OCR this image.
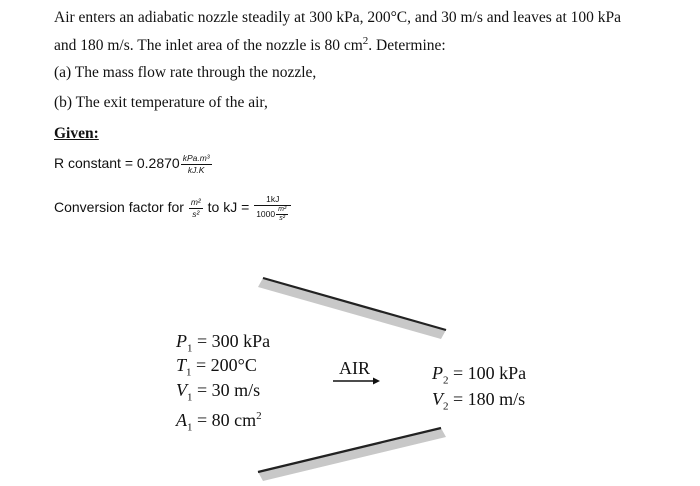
Air enters an adiabatic nozzle steadily at 300 kPa, 200°C, and 30 m/s and leaves at 100 kPa
and 180 m/s. The inlet area of the nozzle is 80 $cm^2$. Determine:
(a) The mass flow rate through the nozzle,
(b) The exit temperature of the air,
Given:
R constant = $0.2870 \frac{\text{kPa.m³}}{kJ.K}$
Conversion factor for $\frac{\text{m²}}{\text{s²}}$ to kJ = $\frac{1kJ}{1000 \frac{\text{m²}}{\text{s²}}}$
$P_1 = 300$ kPa
$T_1 = 200^\circ C$
$V_1 = 30$ m/s
$A_1 = 80$ $cm^2$
AIR	$P_2 = 100$ kPa
$V_2 = 180$ m/s
